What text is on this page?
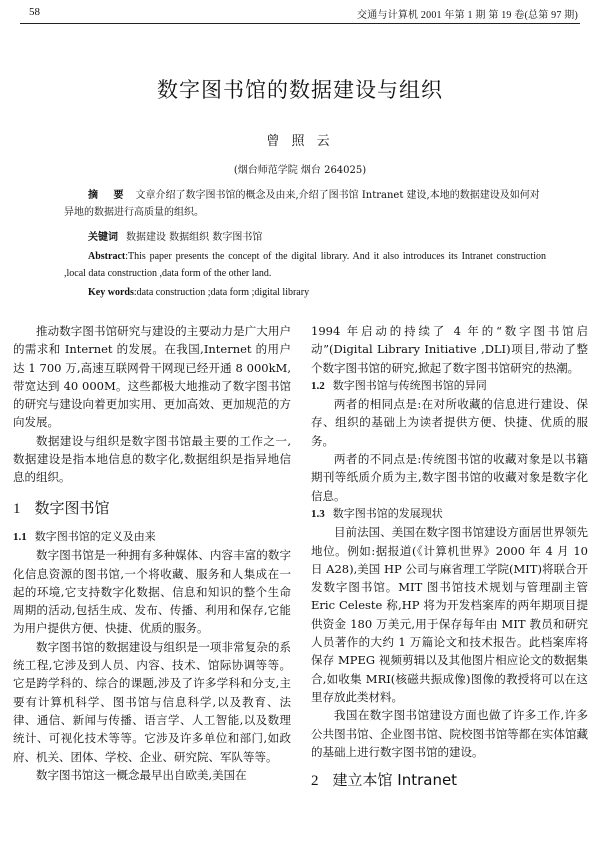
58	交通与计算机 2001 年第 1 期 第 19 卷(总第 97 期)
数字图书馆的数据建设与组织
曾 照 云
(烟台师范学院 烟台 264025)

摘 要 文章介绍了数字图书馆的概念及由来,介绍了图书馆 Intranet 建设,本地的数据建设及如何对异地的数据进行高质量的组织。

关键词 数据建设 数据组织 数字图书馆

Abstract:This paper presents the concept of the digital library. And it also introduces its Intranet construction ,local data construction ,data form of the other land.

Key words:data construction ;data form ;digital library

推动数字图书馆研究与建设的主要动力是广大用户的需求和 Internet 的发展。在我国,Internet 的用户达 1 700 万,高速互联网骨干网现已经开通 8 000kM,带宽达到 40 000M。这些都极大地推动了数字图书馆的研究与建设向着更加实用、更加高效、更加规范的方向发展。

数据建设与组织是数字图书馆最主要的工作之一,数据建设是指本地信息的数字化,数据组织是指异地信息的组织。

1 数字图书馆
1.1 数字图书馆的定义及由来

数字图书馆是一种拥有多种媒体、内容丰富的数字化信息资源的图书馆,一个将收藏、服务和人集成在一起的环境,它支持数字化数据、信息和知识的整个生命周期的活动,包括生成、发布、传播、利用和保存,它能为用户提供方便、快捷、优质的服务。

数字图书馆的数据建设与组织是一项非常复杂的系统工程,它涉及到人员、内容、技术、馆际协调等等。它是跨学科的、综合的课题,涉及了许多学科和分支,主要有计算机科学、图书馆与信息科学,以及教育、法律、通信、新闻与传播、语言学、人工智能,以及数理统计、可视化技术等等。它涉及许多单位和部门,如政府、机关、团体、学校、企业、研究院、军队等等。

数字图书馆这一概念最早出自欧美,美国在

1994 年启动的持续了 4 年的“数字图书馆启动”(Digital Library Initiative ,DLI)项目,带动了整个数字图书馆的研究,掀起了数字图书馆研究的热潮。

1.2 数字图书馆与传统图书馆的异同

两者的相同点是:在对所收藏的信息进行建设、保存、组织的基础上为读者提供方便、快捷、优质的服务。

两者的不同点是:传统图书馆的收藏对象是以书籍期刊等纸质介质为主,数字图书馆的收藏对象是数字化信息。

1.3 数字图书馆的发展现状

目前法国、美国在数字图书馆建设方面居世界领先地位。例如:据报道(《计算机世界》2000 年 4 月 10 日 A28),美国 HP 公司与麻省理工学院(MIT)将联合开发数字图书馆。MIT 图书馆技术规划与管理副主管 Eric Celeste 称,HP 将为开发档案库的两年期项目提供资金 180 万美元,用于保存每年由 MIT 教员和研究人员著作的大约 1 万篇论文和技术报告。此档案库将保存 MPEG 视频剪辑以及其他图片相应论文的数据集合,如收集 MRI(核磁共振成像)图像的教授将可以在这里存放此类材料。

我国在数字图书馆建设方面也做了许多工作,许多公共图书馆、企业图书馆、院校图书馆等都在实体馆藏的基础上进行数字图书馆的建设。

2 建立本馆 Intranet
